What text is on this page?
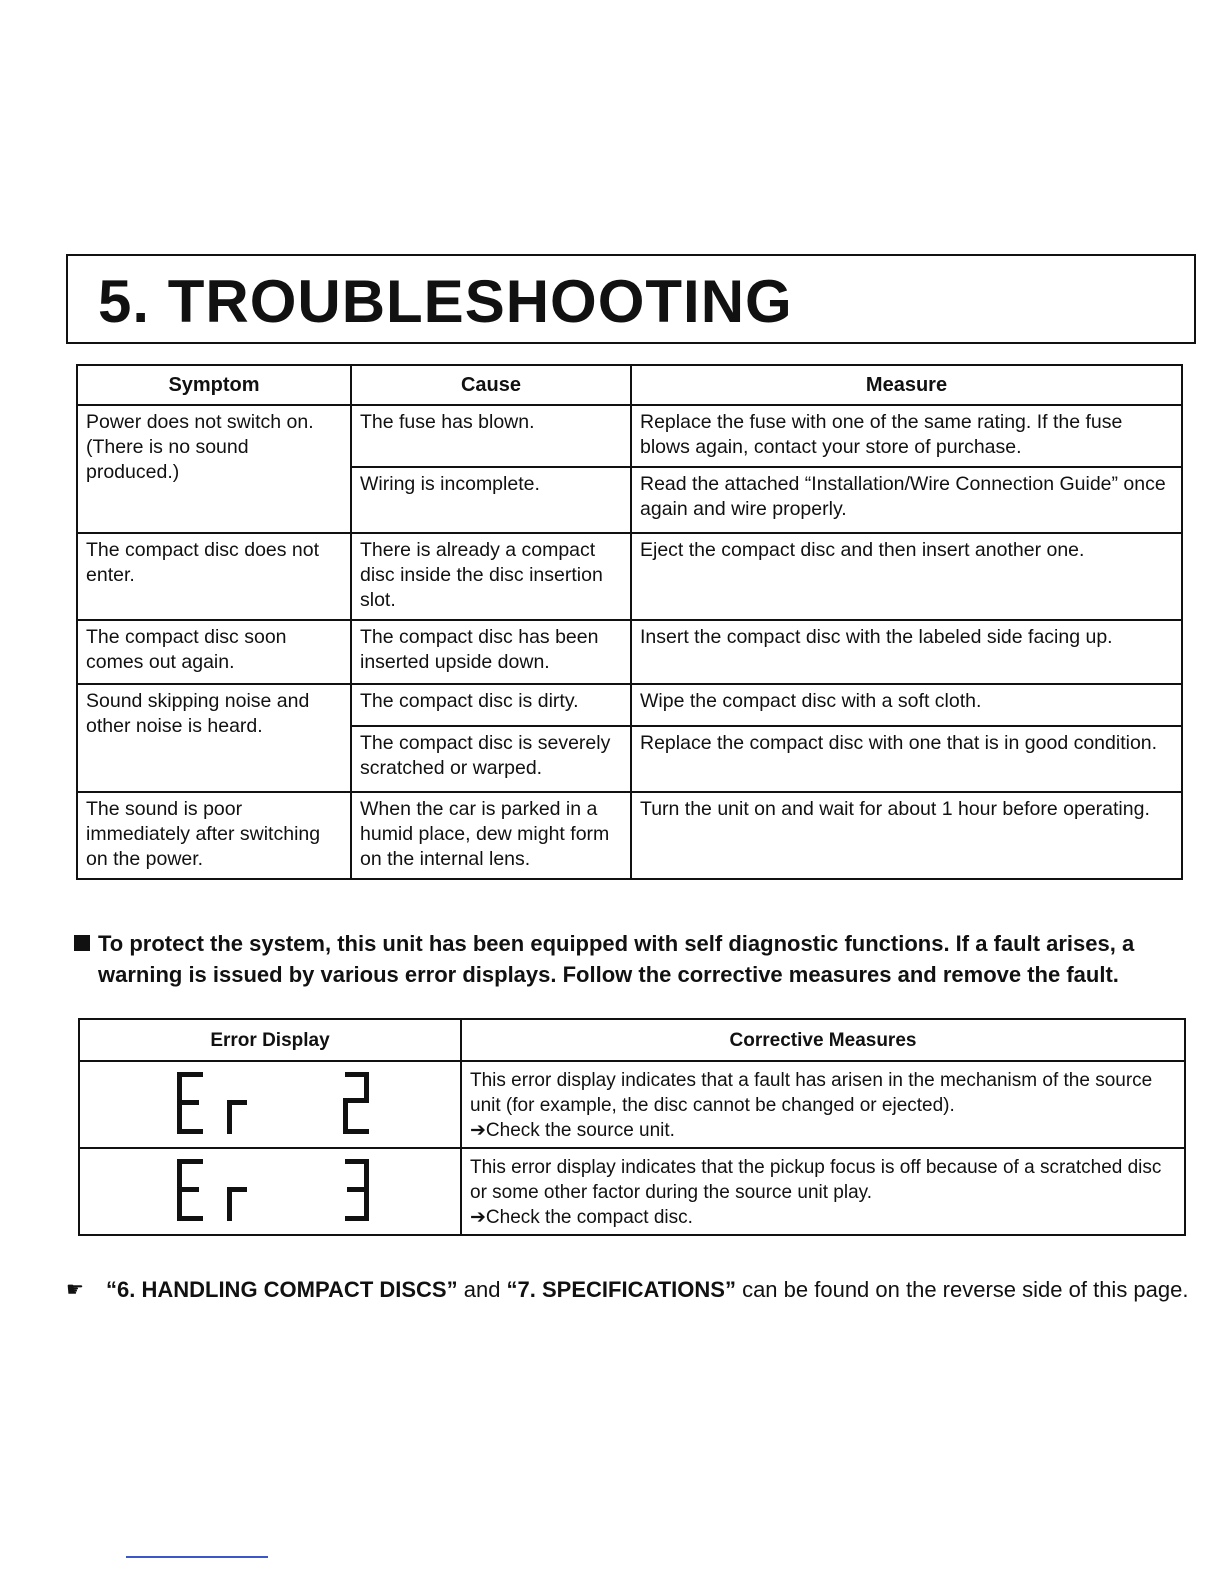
5. TROUBLESHOOTING
Symptom	Cause	Measure
Power does not switch on. (There is no sound produced.)	The fuse has blown.	Replace the fuse with one of the same rating. If the fuse blows again, contact your store of purchase.
	Wiring is incomplete.	Read the attached “Installation/Wire Connection Guide” once again and wire properly.
The compact disc does not enter.	There is already a compact disc inside the disc insertion slot.	Eject the compact disc and then insert another one.
The compact disc soon comes out again.	The compact disc has been inserted upside down.	Insert the compact disc with the labeled side facing up.
Sound skipping noise and other noise is heard.	The compact disc is dirty.	Wipe the compact disc with a soft cloth.
	The compact disc is severely scratched or warped.	Replace the compact disc with one that is in good condition.
The sound is poor immediately after switching on the power.	When the car is parked in a humid place, dew might form on the internal lens.	Turn the unit on and wait for about 1 hour before operating.
To protect the system, this unit has been equipped with self diagnostic functions. If a fault arises, a warning is issued by various error displays. Follow the corrective measures and remove the fault.
Error Display	Corrective Measures

This error display indicates that a fault has arisen in the mechanism of the source unit (for example, the disc cannot be changed or ejected).
➔Check the source unit.

This error display indicates that the pickup focus is off because of a scratched disc or some other factor during the source unit play.
➔Check the compact disc.
☛ “6. HANDLING COMPACT DISCS” and “7. SPECIFICATIONS” can be found on the reverse side of this page.
